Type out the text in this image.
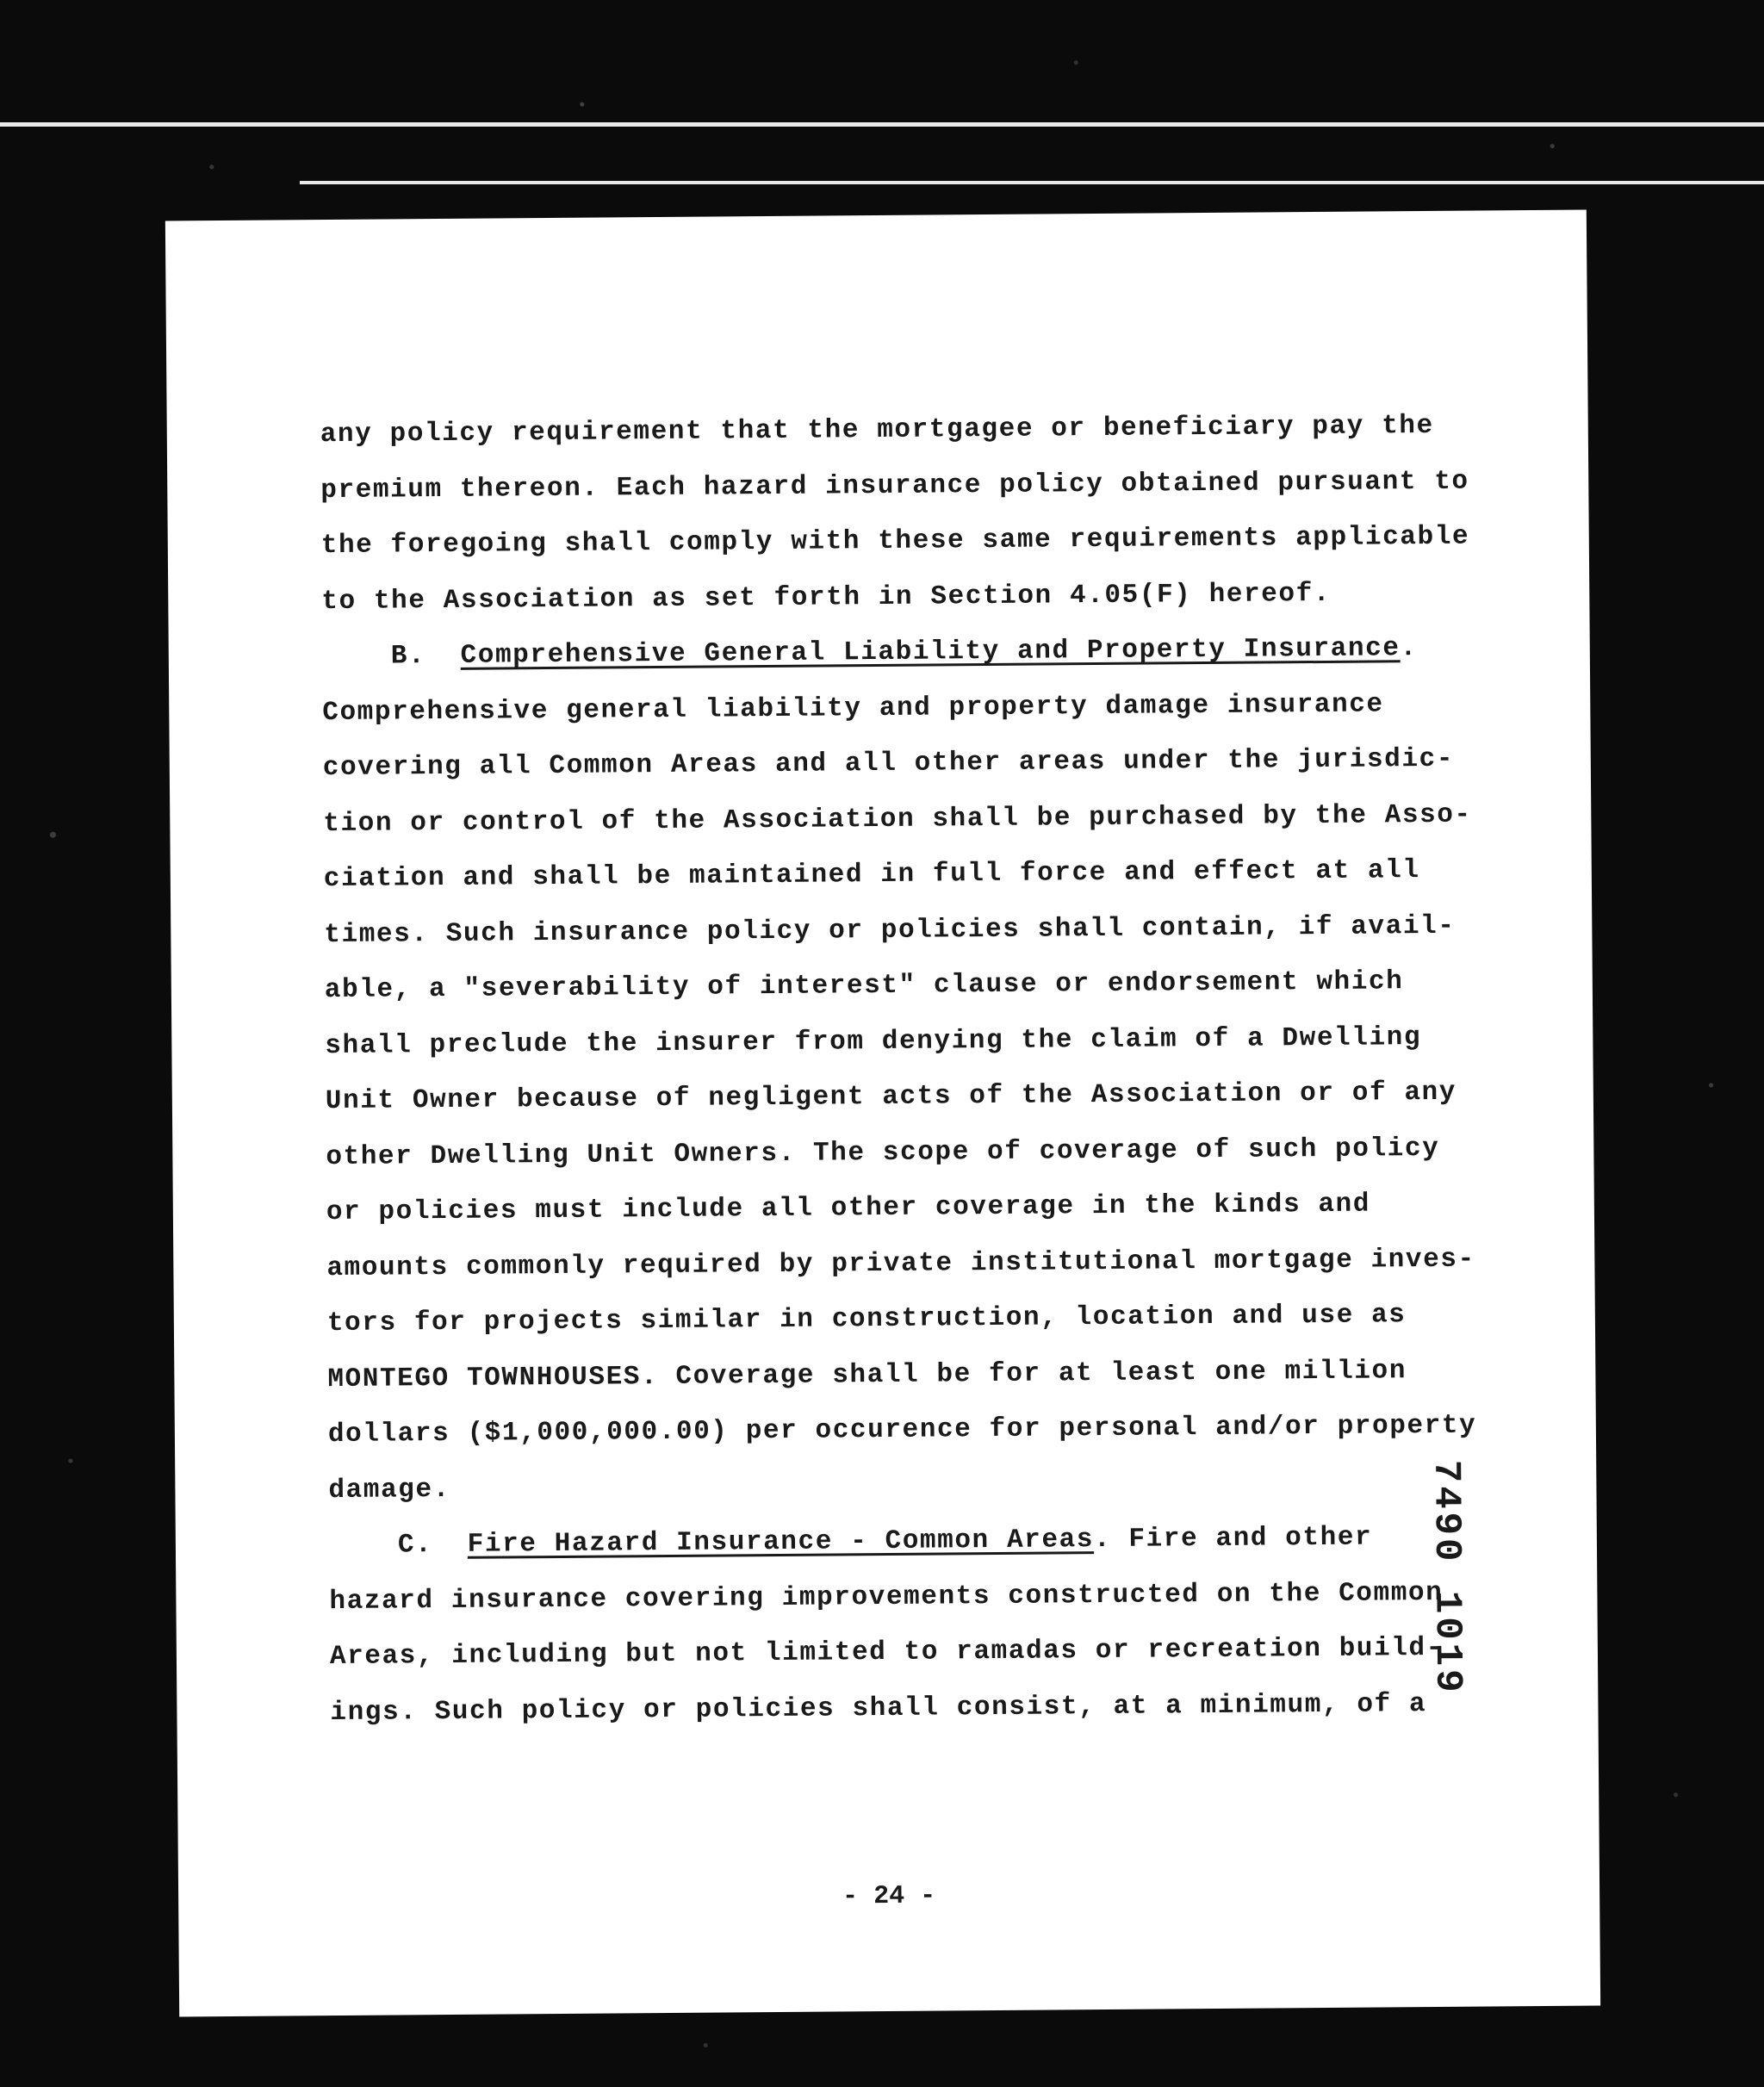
any policy requirement that the mortgagee or beneficiary pay the
premium thereon. Each hazard insurance policy obtained pursuant to
the foregoing shall comply with these same requirements applicable
to the Association as set forth in Section 4.05(F) hereof.
B. Comprehensive General Liability and Property Insurance.
Comprehensive general liability and property damage insurance
covering all Common Areas and all other areas under the jurisdic-
tion or control of the Association shall be purchased by the Asso-
ciation and shall be maintained in full force and effect at all
times. Such insurance policy or policies shall contain, if avail-
able, a "severability of interest" clause or endorsement which
shall preclude the insurer from denying the claim of a Dwelling
Unit Owner because of negligent acts of the Association or of any
other Dwelling Unit Owners. The scope of coverage of such policy
or policies must include all other coverage in the kinds and
amounts commonly required by private institutional mortgage inves-
tors for projects similar in construction, location and use as
MONTEGO TOWNHOUSES. Coverage shall be for at least one million
dollars ($1,000,000.00) per occurence for personal and/or property
damage.
C. Fire Hazard Insurance - Common Areas. Fire and other
hazard insurance covering improvements constructed on the Common
Areas, including but not limited to ramadas or recreation build-
ings. Such policy or policies shall consist, at a minimum, of a
7490 1019
- 24 -
